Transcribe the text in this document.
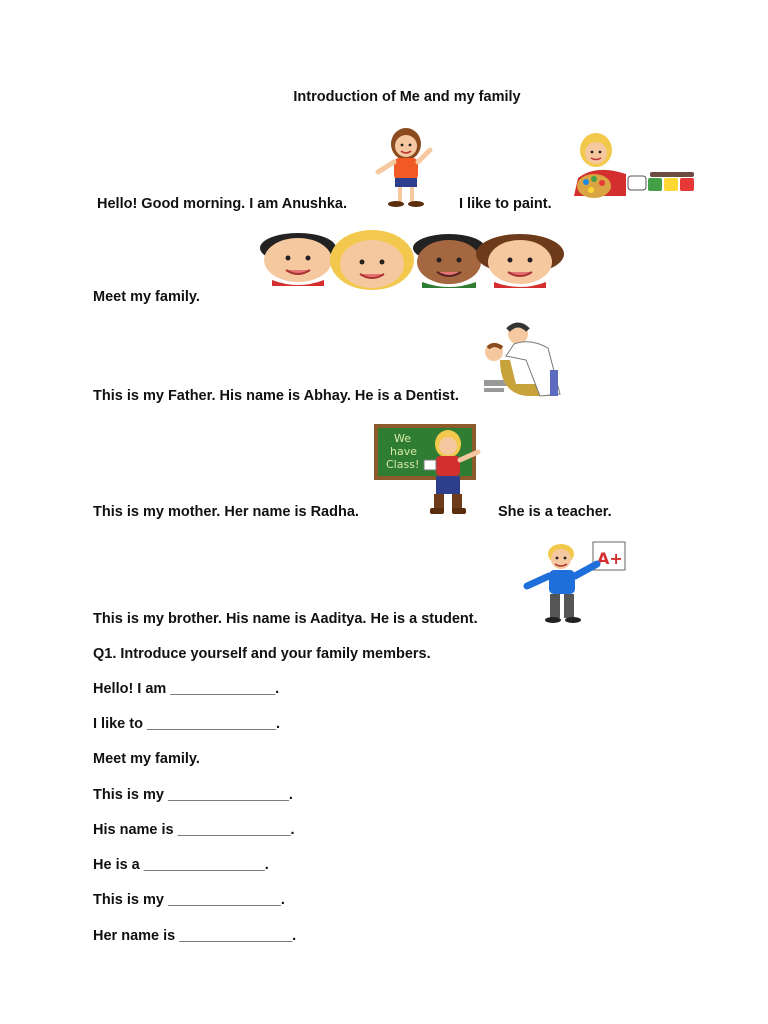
Introduction of Me and my family
Hello! Good morning. I am Anushka.	I like to paint.
Meet my family.
This is my Father. His name is Abhay. He is a Dentist.
We
have
Class!
This is my mother. Her name is Radha.	She is a teacher.
A+
This is my brother. His name is Aaditya. He is a student.
Q1. Introduce yourself and your family members.
Hello! I am _____________.
I like to ________________.
Meet my family.
This is my _______________.
His name is ______________.
He is a _______________.
This is my ______________.
Her name is ______________.
